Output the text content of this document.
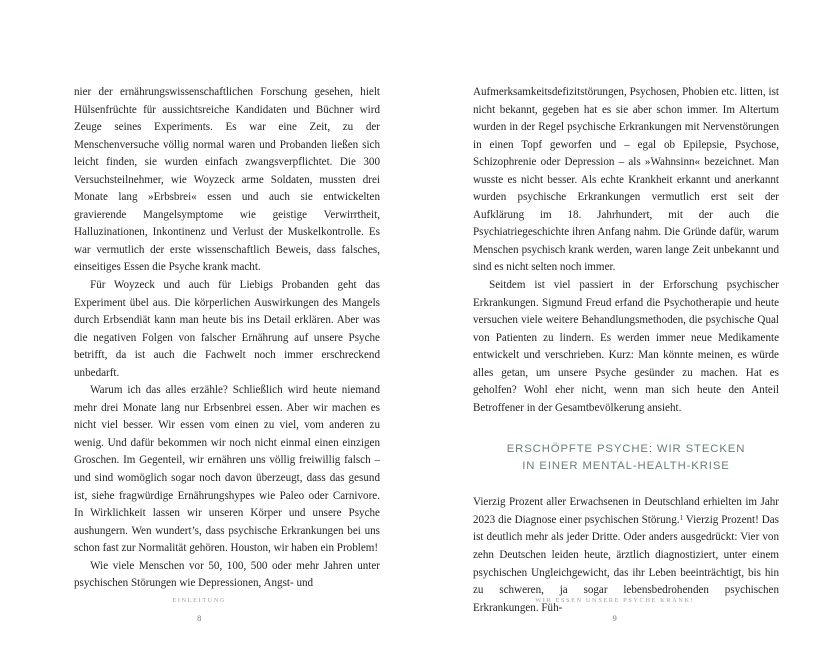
nier der ernährungswissenschaftlichen Forschung gesehen, hielt Hülsenfrüchte für aussichtsreiche Kandidaten und Büchner wird Zeuge seines Experiments. Es war eine Zeit, zu der Menschenversuche völlig normal waren und Probanden ließen sich leicht finden, sie wurden einfach zwangsverpflichtet. Die 300 Versuchsteilnehmer, wie Woyzeck arme Soldaten, mussten drei Monate lang »Erbsbrei« essen und auch sie entwickelten gravierende Mangelsymptome wie geistige Verwirrtheit, Halluzinationen, Inkontinenz und Verlust der Muskelkontrolle. Es war vermutlich der erste wissenschaftlich Beweis, dass falsches, einseitiges Essen die Psyche krank macht.

Für Woyzeck und auch für Liebigs Probanden geht das Experiment übel aus. Die körperlichen Auswirkungen des Mangels durch Erbsendiät kann man heute bis ins Detail erklären. Aber was die negativen Folgen von falscher Ernährung auf unsere Psyche betrifft, da ist auch die Fachwelt noch immer erschreckend unbedarft.

Warum ich das alles erzähle? Schließlich wird heute niemand mehr drei Monate lang nur Erbsenbrei essen. Aber wir machen es nicht viel besser. Wir essen vom einen zu viel, vom anderen zu wenig. Und dafür bekommen wir noch nicht einmal einen einzigen Groschen. Im Gegenteil, wir ernähren uns völlig freiwillig falsch – und sind womöglich sogar noch davon überzeugt, dass das gesund ist, siehe fragwürdige Ernährungshypes wie Paleo oder Carnivore. In Wirklichkeit lassen wir unseren Körper und unsere Psyche aushungern. Wen wundert’s, dass psychische Erkrankungen bei uns schon fast zur Normalität gehören. Houston, wir haben ein Problem!

Wie viele Menschen vor 50, 100, 500 oder mehr Jahren unter psychischen Störungen wie Depressionen, Angst- und

EINLEITUNG
8

Aufmerksamkeitsdefizitstörungen, Psychosen, Phobien etc. litten, ist nicht bekannt, gegeben hat es sie aber schon immer. Im Altertum wurden in der Regel psychische Erkrankungen mit Nervenstörungen in einen Topf geworfen und – egal ob Epilepsie, Psychose, Schizophrenie oder Depression – als »Wahnsinn« bezeichnet. Man wusste es nicht besser. Als echte Krankheit erkannt und anerkannt wurden psychische Erkrankungen vermutlich erst seit der Aufklärung im 18. Jahrhundert, mit der auch die Psychiatriegeschichte ihren Anfang nahm. Die Gründe dafür, warum Menschen psychisch krank werden, waren lange Zeit unbekannt und sind es nicht selten noch immer.

Seitdem ist viel passiert in der Erforschung psychischer Erkrankungen. Sigmund Freud erfand die Psychotherapie und heute versuchen viele weitere Behandlungsmethoden, die psychische Qual von Patienten zu lindern. Es werden immer neue Medikamente entwickelt und verschrieben. Kurz: Man könnte meinen, es würde alles getan, um unsere Psyche gesünder zu machen. Hat es geholfen? Wohl eher nicht, wenn man sich heute den Anteil Betroffener in der Gesamtbevölkerung ansieht.

ERSCHÖPFTE PSYCHE: WIR STECKEN
IN EINER MENTAL-HEALTH-KRISE

Vierzig Prozent aller Erwachsenen in Deutschland erhielten im Jahr 2023 die Diagnose einer psychischen Störung.$^1$ Vierzig Prozent! Das ist deutlich mehr als jeder Dritte. Oder anders ausgedrückt: Vier von zehn Deutschen leiden heute, ärztlich diagnostiziert, unter einem psychischen Ungleichgewicht, das ihr Leben beeinträchtigt, bis hin zu schweren, ja sogar lebensbedrohenden psychischen Erkrankungen. Füh-

WIR ESSEN UNSERE PSYCHE KRANK!
9
